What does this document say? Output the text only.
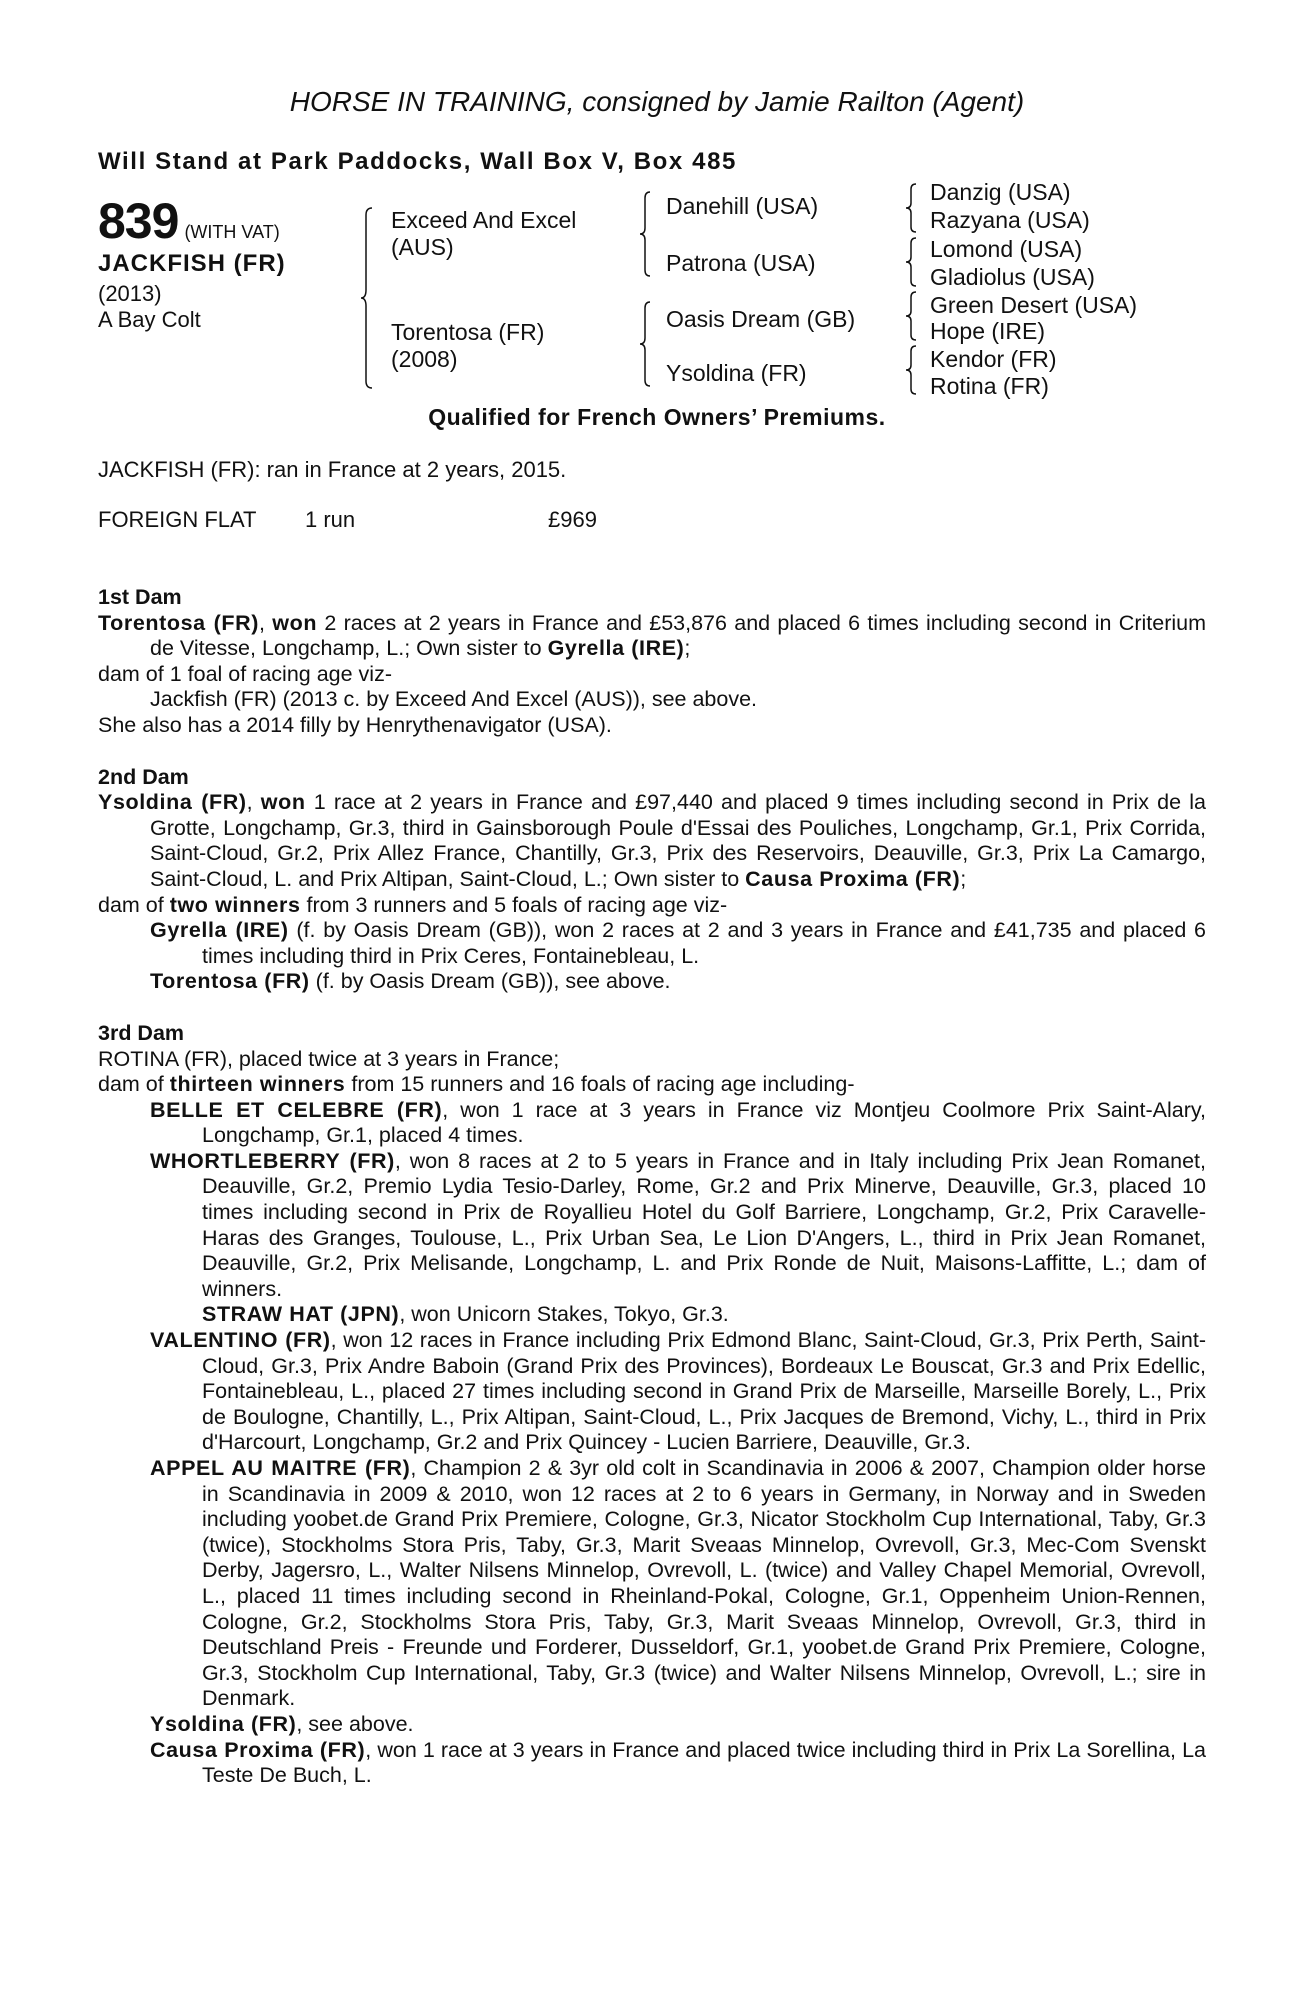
HORSE IN TRAINING, consigned by Jamie Railton (Agent)
Will Stand at Park Paddocks, Wall Box V, Box 485
839 (WITH VAT)
JACKFISH (FR)
(2013)
A Bay Colt
Exceed And Excel
(AUS)
Torentosa (FR)
(2008)
Danehill (USA)
Patrona (USA)
Oasis Dream (GB)
Ysoldina (FR)
Danzig (USA)
Razyana (USA)
Lomond (USA)
Gladiolus (USA)
Green Desert (USA)
Hope (IRE)
Kendor (FR)
Rotina (FR)
Qualified for French Owners’ Premiums.
JACKFISH (FR): ran in France at 2 years, 2015.
FOREIGN FLAT 1 run	£969
1st Dam
Torentosa (FR), won 2 races at 2 years in France and £53,876 and placed 6 times including second in Criterium de Vitesse, Longchamp, L.; Own sister to Gyrella (IRE);
dam of 1 foal of racing age viz-
Jackfish (FR) (2013 c. by Exceed And Excel (AUS)), see above.
She also has a 2014 filly by Henrythenavigator (USA).
2nd Dam
Ysoldina (FR), won 1 race at 2 years in France and £97,440 and placed 9 times including second in Prix de la Grotte, Longchamp, Gr.3, third in Gainsborough Poule d'Essai des Pouliches, Longchamp, Gr.1, Prix Corrida, Saint-Cloud, Gr.2, Prix Allez France, Chantilly, Gr.3, Prix des Reservoirs, Deauville, Gr.3, Prix La Camargo, Saint-Cloud, L. and Prix Altipan, Saint-Cloud, L.; Own sister to Causa Proxima (FR);
dam of two winners from 3 runners and 5 foals of racing age viz-
Gyrella (IRE) (f. by Oasis Dream (GB)), won 2 races at 2 and 3 years in France and £41,735 and placed 6 times including third in Prix Ceres, Fontainebleau, L.
Torentosa (FR) (f. by Oasis Dream (GB)), see above.
3rd Dam
ROTINA (FR), placed twice at 3 years in France;
dam of thirteen winners from 15 runners and 16 foals of racing age including-
BELLE ET CELEBRE (FR), won 1 race at 3 years in France viz Montjeu Coolmore Prix Saint-Alary, Longchamp, Gr.1, placed 4 times.
WHORTLEBERRY (FR), won 8 races at 2 to 5 years in France and in Italy including Prix Jean Romanet, Deauville, Gr.2, Premio Lydia Tesio-Darley, Rome, Gr.2 and Prix Minerve, Deauville, Gr.3, placed 10 times including second in Prix de Royallieu Hotel du Golf Barriere, Longchamp, Gr.2, Prix Caravelle-Haras des Granges, Toulouse, L., Prix Urban Sea, Le Lion D'Angers, L., third in Prix Jean Romanet, Deauville, Gr.2, Prix Melisande, Longchamp, L. and Prix Ronde de Nuit, Maisons-Laffitte, L.; dam of winners.
STRAW HAT (JPN), won Unicorn Stakes, Tokyo, Gr.3.
VALENTINO (FR), won 12 races in France including Prix Edmond Blanc, Saint-Cloud, Gr.3, Prix Perth, Saint-Cloud, Gr.3, Prix Andre Baboin (Grand Prix des Provinces), Bordeaux Le Bouscat, Gr.3 and Prix Edellic, Fontainebleau, L., placed 27 times including second in Grand Prix de Marseille, Marseille Borely, L., Prix de Boulogne, Chantilly, L., Prix Altipan, Saint-Cloud, L., Prix Jacques de Bremond, Vichy, L., third in Prix d'Harcourt, Longchamp, Gr.2 and Prix Quincey - Lucien Barriere, Deauville, Gr.3.
APPEL AU MAITRE (FR), Champion 2 & 3yr old colt in Scandinavia in 2006 & 2007, Champion older horse in Scandinavia in 2009 & 2010, won 12 races at 2 to 6 years in Germany, in Norway and in Sweden including yoobet.de Grand Prix Premiere, Cologne, Gr.3, Nicator Stockholm Cup International, Taby, Gr.3 (twice), Stockholms Stora Pris, Taby, Gr.3, Marit Sveaas Minnelop, Ovrevoll, Gr.3, Mec-Com Svenskt Derby, Jagersro, L., Walter Nilsens Minnelop, Ovrevoll, L. (twice) and Valley Chapel Memorial, Ovrevoll, L., placed 11 times including second in Rheinland-Pokal, Cologne, Gr.1, Oppenheim Union-Rennen, Cologne, Gr.2, Stockholms Stora Pris, Taby, Gr.3, Marit Sveaas Minnelop, Ovrevoll, Gr.3, third in Deutschland Preis - Freunde und Forderer, Dusseldorf, Gr.1, yoobet.de Grand Prix Premiere, Cologne, Gr.3, Stockholm Cup International, Taby, Gr.3 (twice) and Walter Nilsens Minnelop, Ovrevoll, L.; sire in Denmark.
Ysoldina (FR), see above.
Causa Proxima (FR), won 1 race at 3 years in France and placed twice including third in Prix La Sorellina, La Teste De Buch, L.
